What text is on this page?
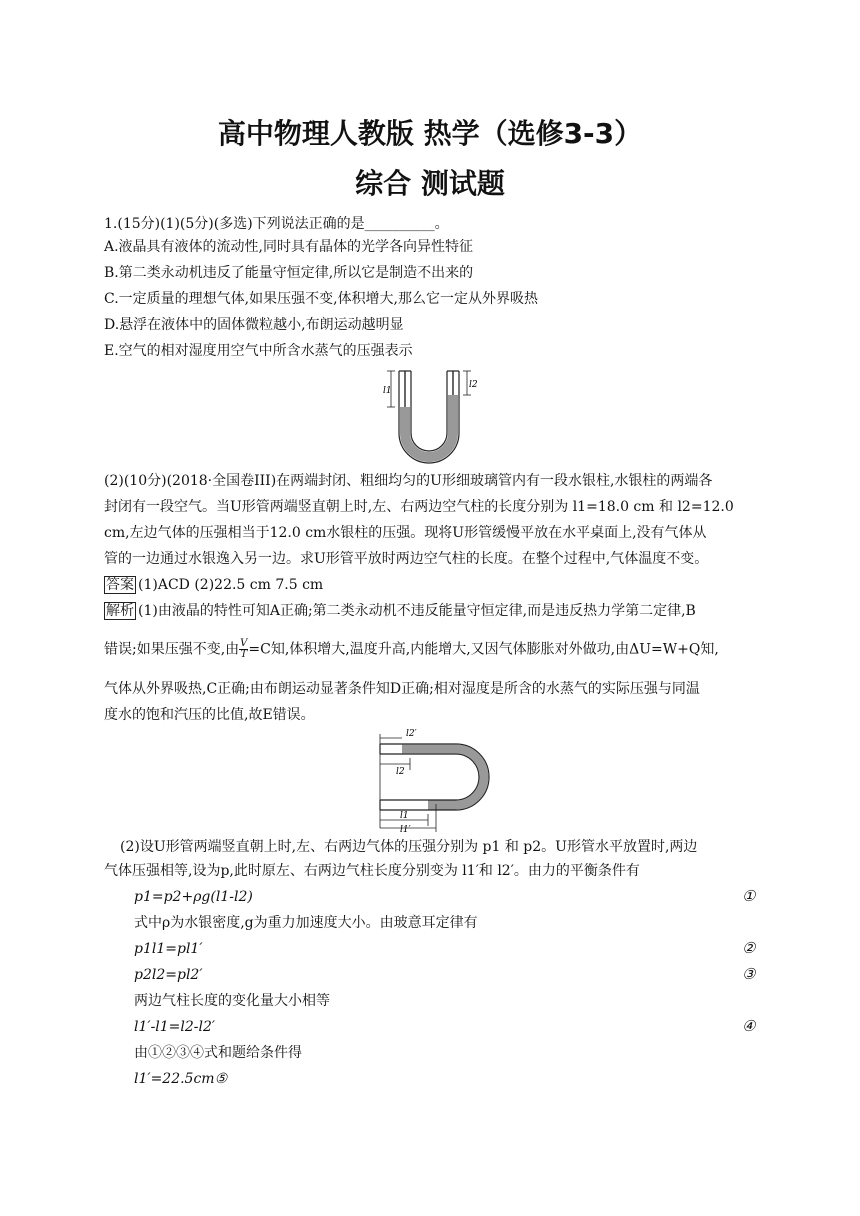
高中物理人教版 热学（选修3-3）
综合 测试题
1.(15分)(1)(5分)(多选)下列说法正确的是__________。
A.液晶具有液体的流动性,同时具有晶体的光学各向异性特征
B.第二类永动机违反了能量守恒定律,所以它是制造不出来的
C.一定质量的理想气体,如果压强不变,体积增大,那么它一定从外界吸热
D.悬浮在液体中的固体微粒越小,布朗运动越明显
E.空气的相对湿度用空气中所含水蒸气的压强表示
l1
l2
(2)(10分)(2018·全国卷III)在两端封闭、粗细均匀的U形细玻璃管内有一段水银柱,水银柱的两端各
封闭有一段空气。当U形管两端竖直朝上时,左、右两边空气柱的长度分别为 l1=18.0 cm 和 l2=12.0
cm,左边气体的压强相当于12.0 cm水银柱的压强。现将U形管缓慢平放在水平桌面上,没有气体从
管的一边通过水银逸入另一边。求U形管平放时两边空气柱的长度。在整个过程中,气体温度不变。
答案 (1)ACD (2)22.5 cm 7.5 cm
解析 (1)由液晶的特性可知A正确;第二类永动机不违反能量守恒定律,而是违反热力学第二定律,B
错误;如果压强不变,由 $\frac{V}{T} =C$知,体积增大,温度升高,内能增大,又因气体膨胀对外做功,由ΔU=W+Q知,
气体从外界吸热,C正确;由布朗运动显著条件知D正确;相对湿度是所含的水蒸气的实际压强与同温
度水的饱和汽压的比值,故E错误。
l2′
l2
l1
l1′
(2)设U形管两端竖直朝上时,左、右两边气体的压强分别为 p1 和 p2。U形管水平放置时,两边
气体压强相等,设为p,此时原左、右两边气柱长度分别变为 l1′和 l2′。由力的平衡条件有
p1=p2+ρg(l1-l2)	①
式中ρ为水银密度,g为重力加速度大小。由玻意耳定律有
p1l1=pl1′	②
p2l2=pl2′	③
两边气柱长度的变化量大小相等
l1′-l1=l2-l2′	④
由①②③④式和题给条件得
l1′=22.5cm⑤
